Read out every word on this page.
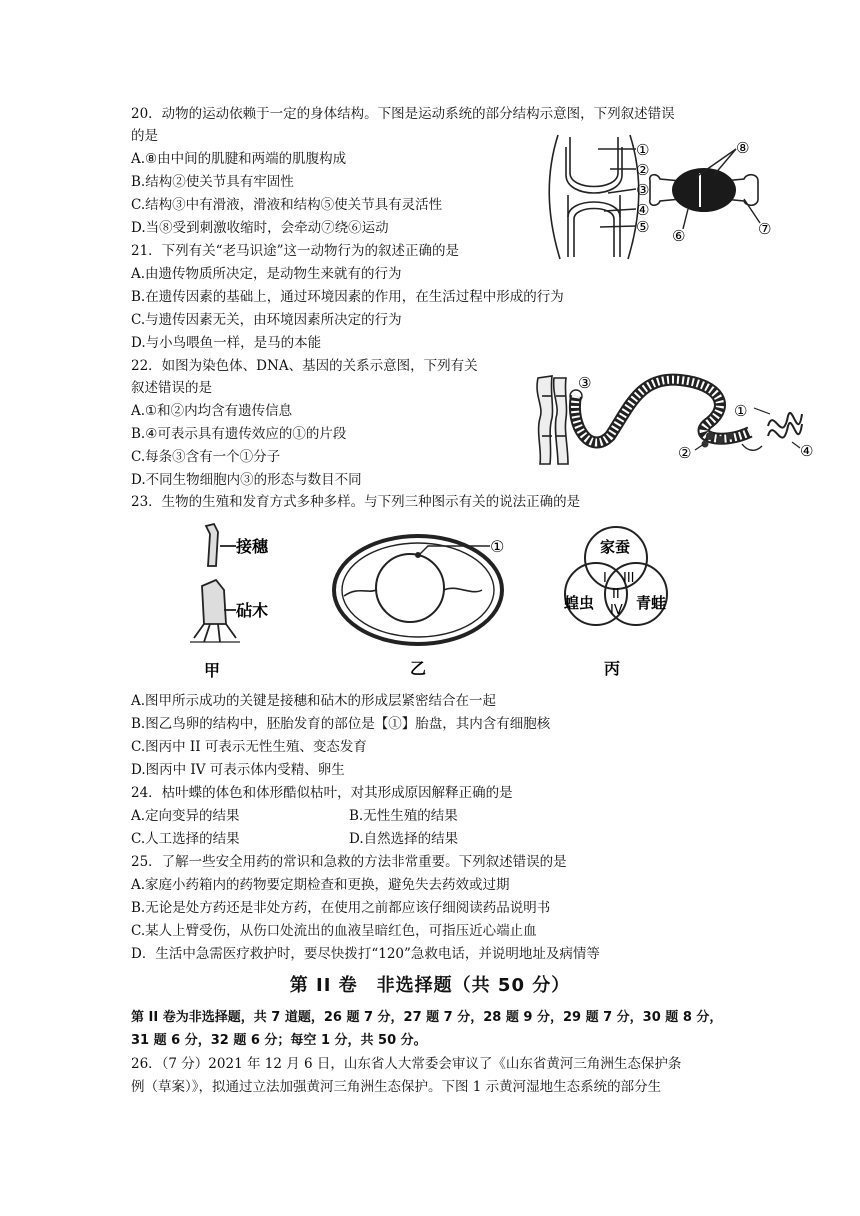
20．动物的运动依赖于一定的身体结构。下图是运动系统的部分结构示意图，下列叙述错误
的是
A.⑧由中间的肌腱和两端的肌腹构成
B.结构②使关节具有牢固性
C.结构③中有滑液，滑液和结构⑤使关节具有灵活性
D.当⑧受到刺激收缩时，会牵动⑦绕⑥运动
①
②
③
④
⑤
⑧
⑥	⑦
21．下列有关“老马识途”这一动物行为的叙述正确的是
A.由遗传物质所决定，是动物生来就有的行为
B.在遗传因素的基础上，通过环境因素的作用，在生活过程中形成的行为
C.与遗传因素无关，由环境因素所决定的行为
D.与小鸟喂鱼一样，是马的本能
22．如图为染色体、DNA、基因的关系示意图，下列有关
叙述错误的是
A.①和②内均含有遗传信息
B.④可表示具有遗传效应的①的片段
C.每条③含有一个①分子
D.不同生物细胞内③的形态与数目不同
③
①
②	④
23．生物的生殖和发育方式多种多样。与下列三种图示有关的说法正确的是
接穗
砧木
甲
①
乙
家蚕
蝗虫	青蛙
I
II
III
IV
丙
A.图甲所示成功的关键是接穗和砧木的形成层紧密结合在一起
B.图乙鸟卵的结构中，胚胎发育的部位是【①】胎盘，其内含有细胞核
C.图丙中 II 可表示无性生殖、变态发育
D.图丙中 IV 可表示体内受精、卵生
24．枯叶蝶的体色和体形酷似枯叶，对其形成原因解释正确的是
A.定向变异的结果	B.无性生殖的结果
C.人工选择的结果	D.自然选择的结果
25．了解一些安全用药的常识和急救的方法非常重要。下列叙述错误的是
A.家庭小药箱内的药物要定期检查和更换，避免失去药效或过期
B.无论是处方药还是非处方药，在使用之前都应该仔细阅读药品说明书
C.某人上臂受伤，从伤口处流出的血液呈暗红色，可指压近心端止血
D．生活中急需医疗救护时，要尽快拨打“120”急救电话，并说明地址及病情等
第 II 卷　非选择题（共 50 分）
第 II 卷为非选择题，共 7 道题，26 题 7 分，27 题 7 分，28 题 9 分，29 题 7 分，30 题 8 分，
31 题 6 分，32 题 6 分；每空 1 分，共 50 分。
26．（7 分）2021 年 12 月 6 日，山东省人大常委会审议了《山东省黄河三角洲生态保护条
例（草案）》，拟通过立法加强黄河三角洲生态保护。下图 1 示黄河湿地生态系统的部分生
